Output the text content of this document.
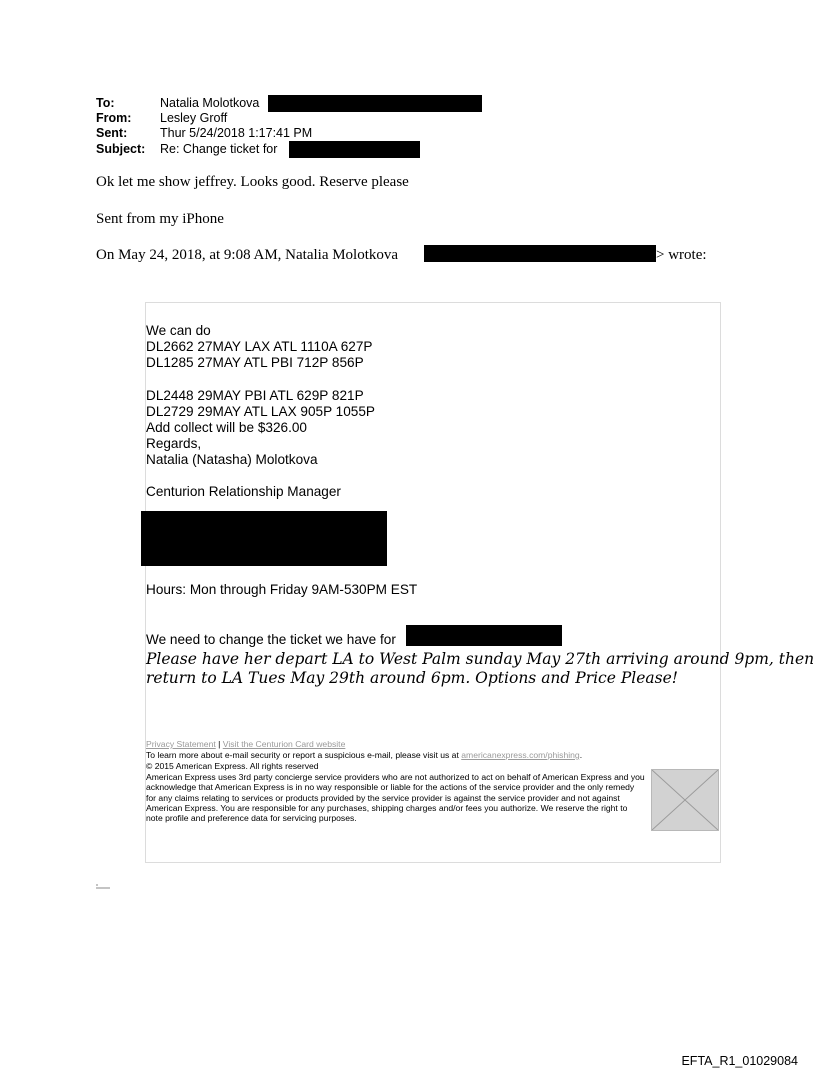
To:	Natalia Molotkova
From: Lesley Groff
Sent:	Thur 5/24/2018 1:17:41 PM
Subject: Re: Change ticket for
Ok let me show jeffrey. Looks good. Reserve please
Sent from my iPhone
On May 24, 2018, at 9:08 AM, Natalia Molotkova	> wrote:
We can do
DL2662 27MAY LAX ATL 1110A 627P
DL1285 27MAY ATL PBI 712P 856P
DL2448 29MAY PBI ATL 629P 821P
DL2729 29MAY ATL LAX 905P 1055P
Add collect will be $326.00
Regards,
Natalia (Natasha) Molotkova
Centurion Relationship Manager
Hours: Mon through Friday 9AM-530PM EST
We need to change the ticket we have for
Please have her depart LA to West Palm sunday May 27th arriving around 9pm, then
return to LA Tues May 29th around 6pm. Options and Price Please!
Privacy Statement | Visit the Centurion Card website
To learn more about e-mail security or report a suspicious e-mail, please visit us at americanexpress.com/phishing.
© 2015 American Express. All rights reserved
American Express uses 3rd party concierge service providers who are not authorized to act on behalf of American Express and you acknowledge that American Express is in no way responsible or liable for the actions of the service provider and the only remedy for any claims relating to services or products provided by the service provider is against the service provider and not against American Express. You are responsible for any purchases, shipping charges and/or fees you authorize. We reserve the right to note profile and preference data for servicing purposes.
EFTA_R1_01029084
